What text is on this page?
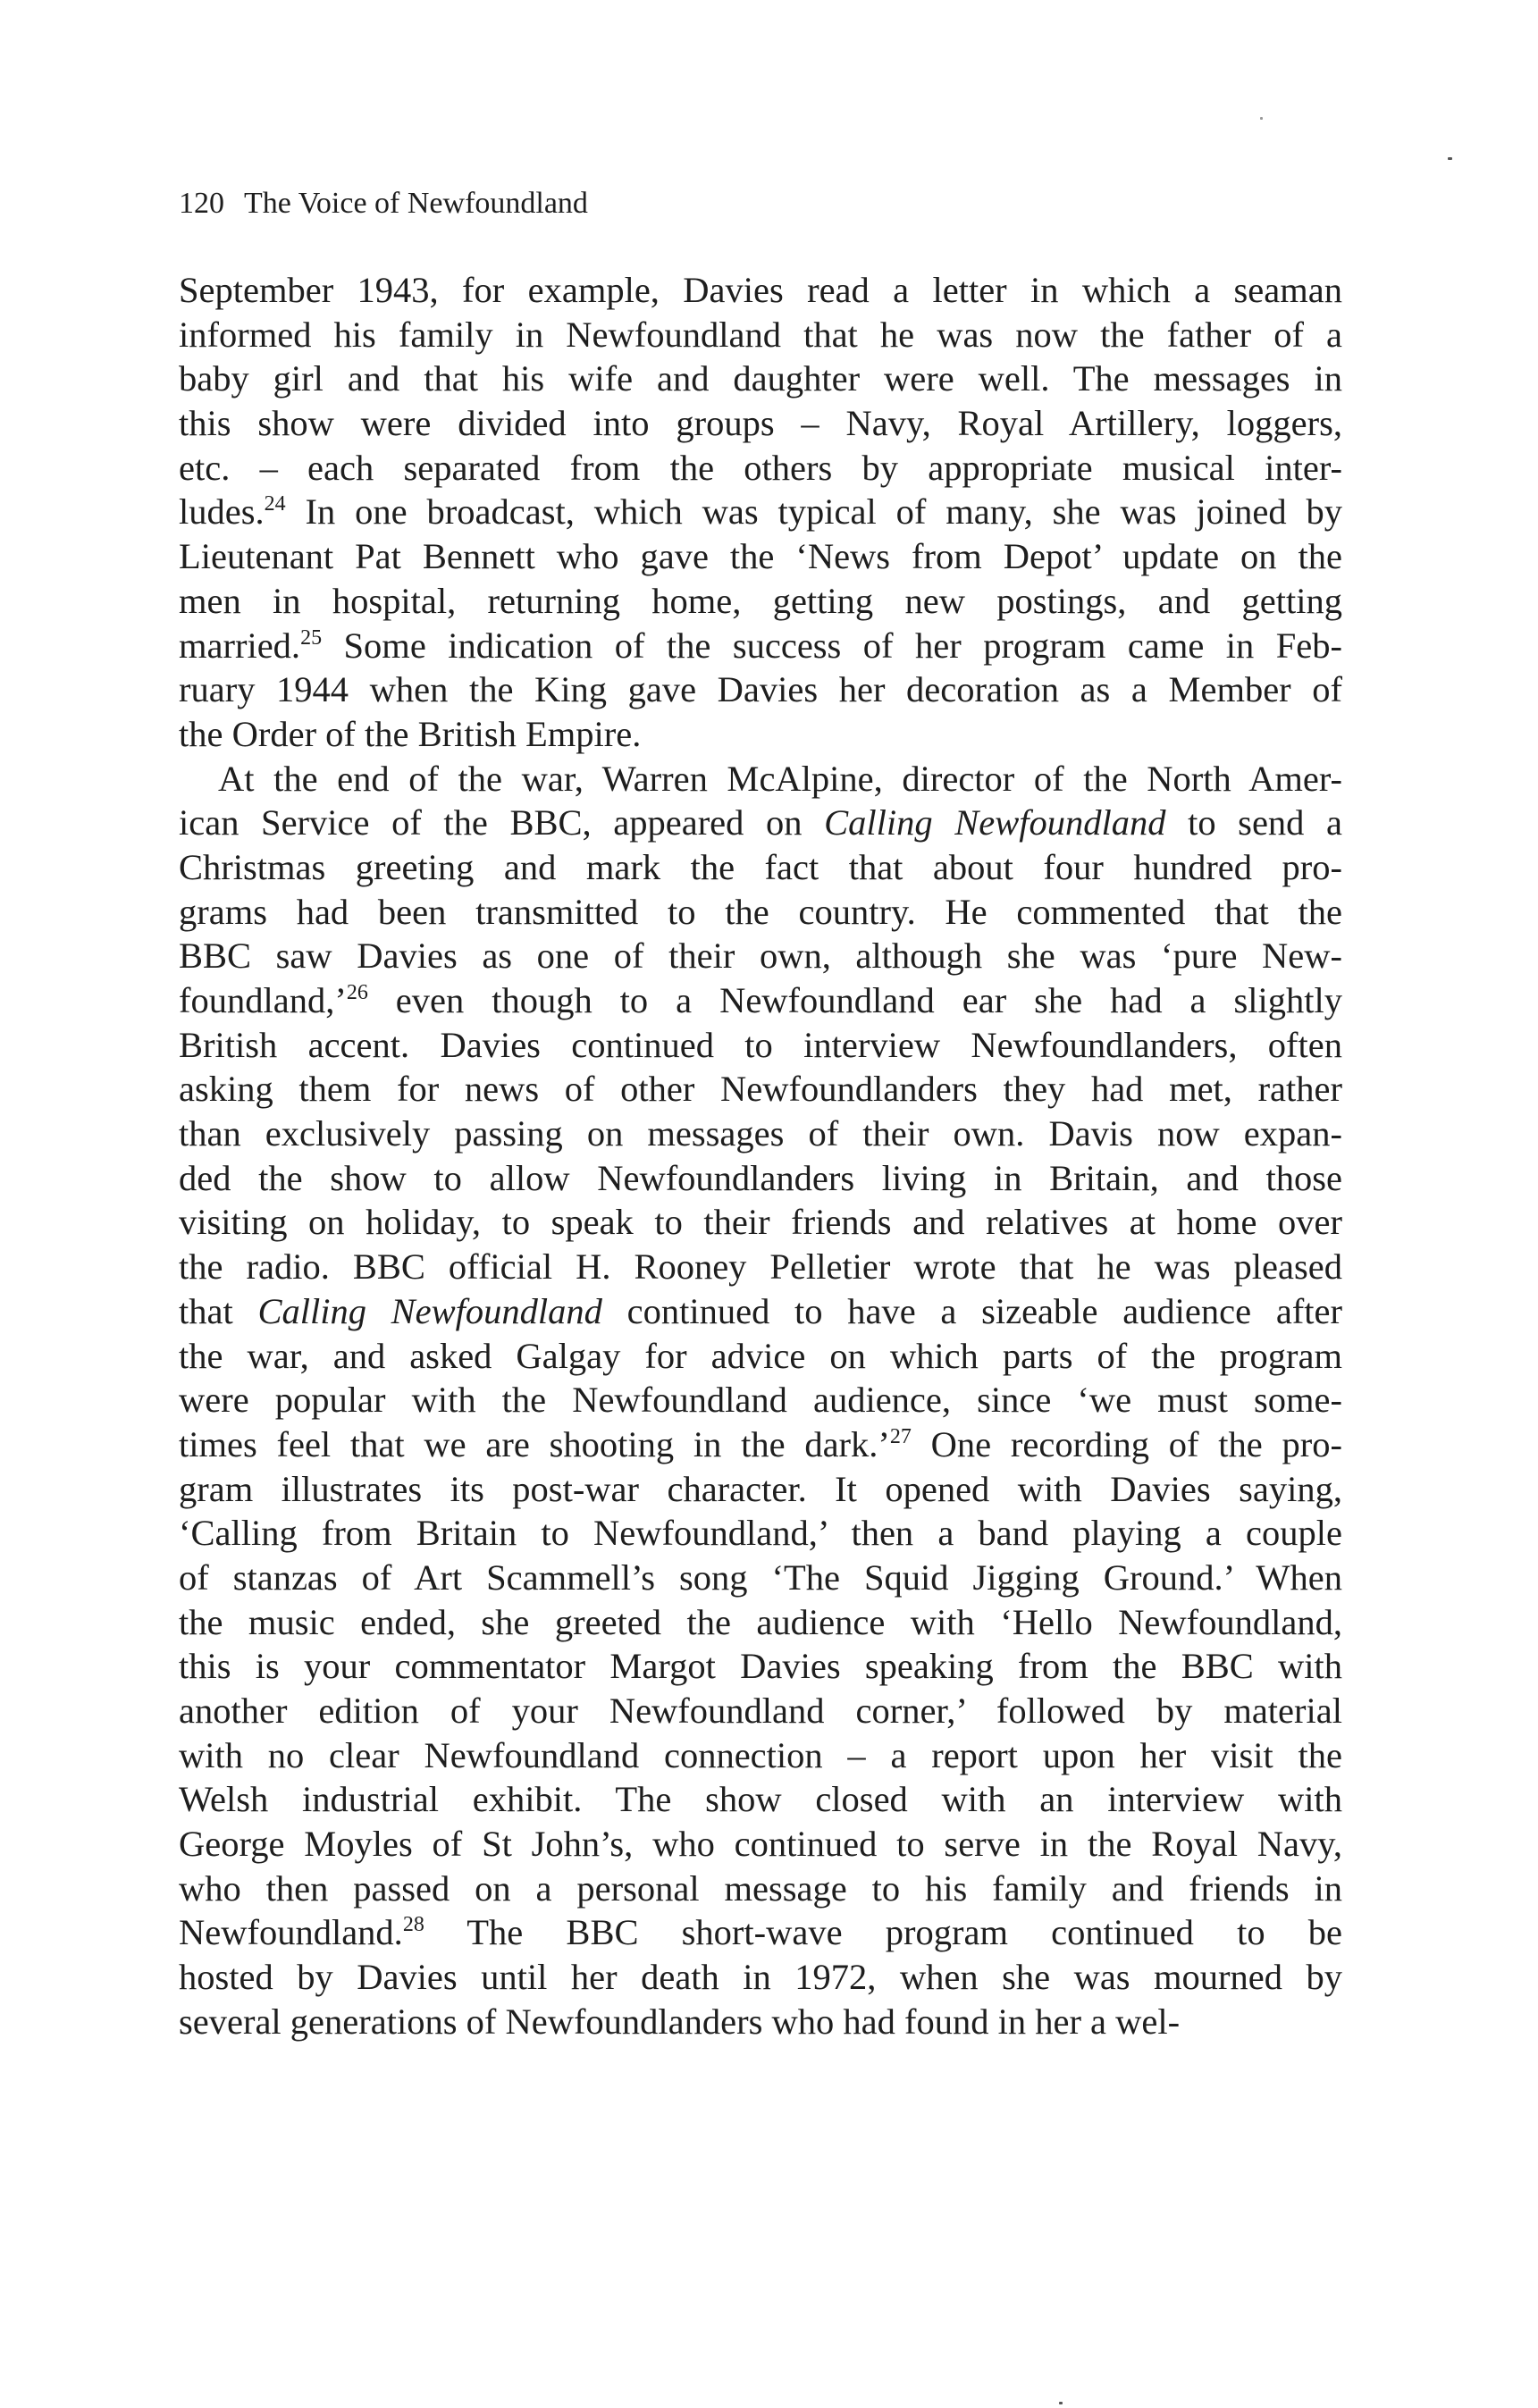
120 The Voice of Newfoundland
September 1943, for example, Davies read a letter in which a seaman
informed his family in Newfoundland that he was now the father of a
baby girl and that his wife and daughter were well. The messages in
this show were divided into groups – Navy, Royal Artillery, loggers,
etc. – each separated from the others by appropriate musical inter-
ludes.$^{24}$ In one broadcast, which was typical of many, she was joined by
Lieutenant Pat Bennett who gave the ‘News from Depot’ update on the
men in hospital, returning home, getting new postings, and getting
married.$^{25}$ Some indication of the success of her program came in Feb-
ruary 1944 when the King gave Davies her decoration as a Member of
the Order of the British Empire.
At the end of the war, Warren McAlpine, director of the North Amer-
ican Service of the BBC, appeared on Calling Newfoundland to send a
Christmas greeting and mark the fact that about four hundred pro-
grams had been transmitted to the country. He commented that the
BBC saw Davies as one of their own, although she was ‘pure New-
foundland,’$^{26}$ even though to a Newfoundland ear she had a slightly
British accent. Davies continued to interview Newfoundlanders, often
asking them for news of other Newfoundlanders they had met, rather
than exclusively passing on messages of their own. Davis now expan-
ded the show to allow Newfoundlanders living in Britain, and those
visiting on holiday, to speak to their friends and relatives at home over
the radio. BBC official H. Rooney Pelletier wrote that he was pleased
that Calling Newfoundland continued to have a sizeable audience after
the war, and asked Galgay for advice on which parts of the program
were popular with the Newfoundland audience, since ‘we must some-
times feel that we are shooting in the dark.’$^{27}$ One recording of the pro-
gram illustrates its post-war character. It opened with Davies saying,
‘Calling from Britain to Newfoundland,’ then a band playing a couple
of stanzas of Art Scammell’s song ‘The Squid Jigging Ground.’ When
the music ended, she greeted the audience with ‘Hello Newfoundland,
this is your commentator Margot Davies speaking from the BBC with
another edition of your Newfoundland corner,’ followed by material
with no clear Newfoundland connection – a report upon her visit the
Welsh industrial exhibit. The show closed with an interview with
George Moyles of St John’s, who continued to serve in the Royal Navy,
who then passed on a personal message to his family and friends in
Newfoundland.$^{28}$ The BBC short-wave program continued to be
hosted by Davies until her death in 1972, when she was mourned by
several generations of Newfoundlanders who had found in her a wel-
